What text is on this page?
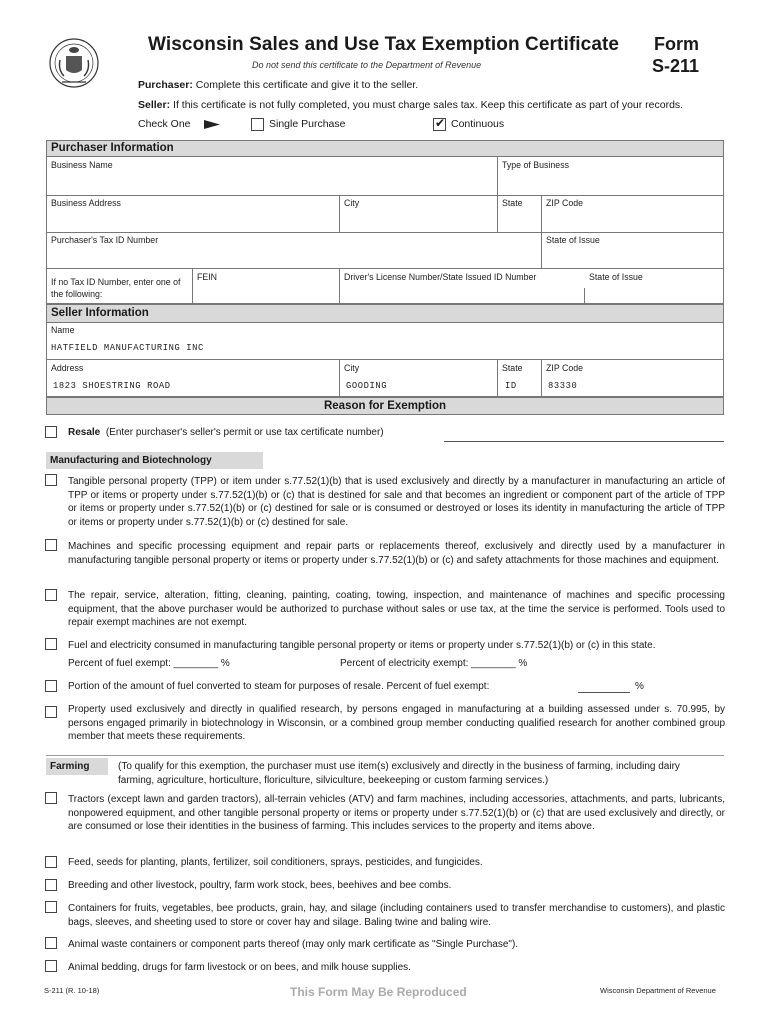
Wisconsin Sales and Use Tax Exemption Certificate
Do not send this certificate to the Department of Revenue
Form
S-211
Purchaser: Complete this certificate and give it to the seller.
Seller: If this certificate is not fully completed, you must charge sales tax. Keep this certificate as part of your records.
Check One	Single Purchase
✔	Continuous
Purchaser Information
Business Name	Type of Business
Business Address	City	State	ZIP Code
Purchaser's Tax ID Number	State of Issue
If no Tax ID Number, enter one of the following:
FEIN	Driver's License Number/State Issued ID Number	State of Issue
Seller Information
Name
HATFIELD MANUFACTURING INC
Address
1823 SHOESTRING ROAD
City
GOODING
State
ID
ZIP Code
83330
Reason for Exemption
Resale (Enter purchaser's seller's permit or use tax certificate number)
Manufacturing and Biotechnology
Tangible personal property (TPP) or item under s.77.52(1)(b) that is used exclusively and directly by a manufacturer in manufacturing an article of TPP or items or property under s.77.52(1)(b) or (c) that is destined for sale and that becomes an ingredient or component part of the article of TPP or items or property under s.77.52(1)(b) or (c) destined for sale or is consumed or destroyed or loses its identity in manufacturing the article of TPP or items or property under s.77.52(1)(b) or (c) destined for sale.
Machines and specific processing equipment and repair parts or replacements thereof, exclusively and directly used by a manufacturer in manufacturing tangible personal property or items or property under s.77.52(1)(b) or (c) and safety attachments for those machines and equipment.
The repair, service, alteration, fitting, cleaning, painting, coating, towing, inspection, and maintenance of machines and specific processing equipment, that the above purchaser would be authorized to purchase without sales or use tax, at the time the service is performed. Tools used to repair exempt machines are not exempt.
Fuel and electricity consumed in manufacturing tangible personal property or items or property under s.77.52(1)(b) or (c) in this state.
Percent of fuel exempt: ________ %	Percent of electricity exempt: ________ %
Portion of the amount of fuel converted to steam for purposes of resale. Percent of fuel exempt:	%
Property used exclusively and directly in qualified research, by persons engaged in manufacturing at a building assessed under s. 70.995, by persons engaged primarily in biotechnology in Wisconsin, or a combined group member conducting qualified research for another combined group member that meets these requirements.
Farming	(To qualify for this exemption, the purchaser must use item(s) exclusively and directly in the business of farming, including dairy farming, agriculture, horticulture, floriculture, silviculture, beekeeping or custom farming services.)
Tractors (except lawn and garden tractors), all-terrain vehicles (ATV) and farm machines, including accessories, attachments, and parts, lubricants, nonpowered equipment, and other tangible personal property or items or property under s.77.52(1)(b) or (c) that are used exclusively and directly, or are consumed or lose their identities in the business of farming. This includes services to the property and items above.
Feed, seeds for planting, plants, fertilizer, soil conditioners, sprays, pesticides, and fungicides.
Breeding and other livestock, poultry, farm work stock, bees, beehives and bee combs.
Containers for fruits, vegetables, bee products, grain, hay, and silage (including containers used to transfer merchandise to customers), and plastic bags, sleeves, and sheeting used to store or cover hay and silage. Baling twine and baling wire.
Animal waste containers or component parts thereof (may only mark certificate as "Single Purchase").
Animal bedding, drugs for farm livestock or on bees, and milk house supplies.
S-211 (R. 10-18)	This Form May Be Reproduced	Wisconsin Department of Revenue
